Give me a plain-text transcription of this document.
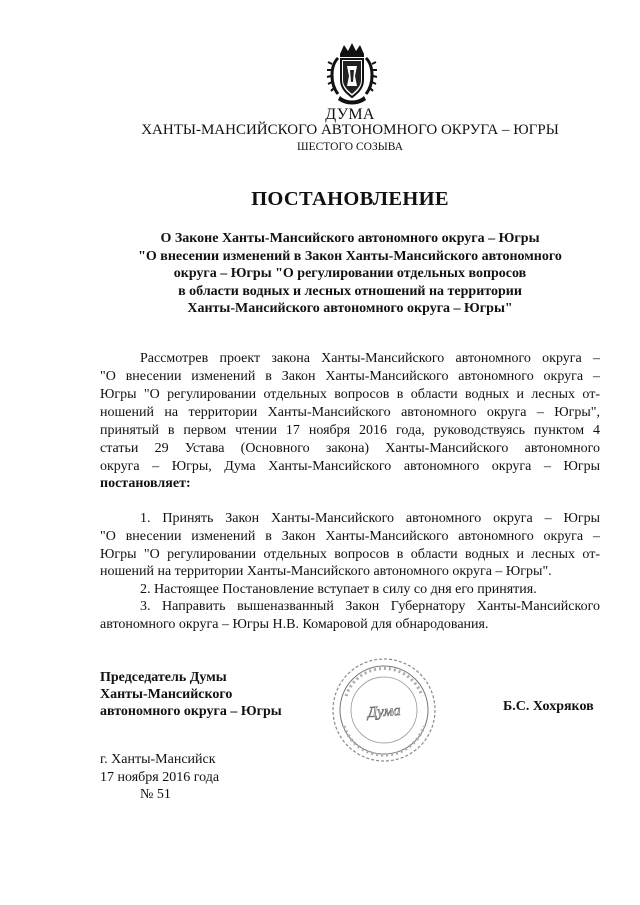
ДУМА
ХАНТЫ-МАНСИЙСКОГО АВТОНОМНОГО ОКРУГА – ЮГРЫ
ШЕСТОГО СОЗЫВА
ПОСТАНОВЛЕНИЕ
О Законе Ханты-Мансийского автономного округа – Югры
"О внесении изменений в Закон Ханты-Мансийского автономного
округа – Югры "О регулировании отдельных вопросов
в области водных и лесных отношений на территории
Ханты-Мансийского автономного округа – Югры"
Рассмотрев проект закона Ханты-Мансийского автономного округа –
"О внесении изменений в Закон Ханты-Мансийского автономного округа –
Югры "О регулировании отдельных вопросов в области водных и лесных от-
ношений на территории Ханты-Мансийского автономного округа – Югры",
принятый в первом чтении 17 ноября 2016 года, руководствуясь пунктом 4
статьи 29 Устава (Основного закона) Ханты-Мансийского автономного
округа – Югры, Дума Ханты-Мансийского автономного округа – Югры
постановляет:
1. Принять Закон Ханты-Мансийского автономного округа – Югры
"О внесении изменений в Закон Ханты-Мансийского автономного округа –
Югры "О регулировании отдельных вопросов в области водных и лесных от-
ношений на территории Ханты-Мансийского автономного округа – Югры".
2. Настоящее Постановление вступает в силу со дня его принятия.
3. Направить вышеназванный Закон Губернатору Ханты-Мансийского
автономного округа – Югры Н.В. Комаровой для обнародования.
Председатель Думы
Ханты-Мансийского
автономного округа – Югры	Дума	Б.С. Хохряков
г. Ханты-Мансийск
17 ноября 2016 года
№ 51
